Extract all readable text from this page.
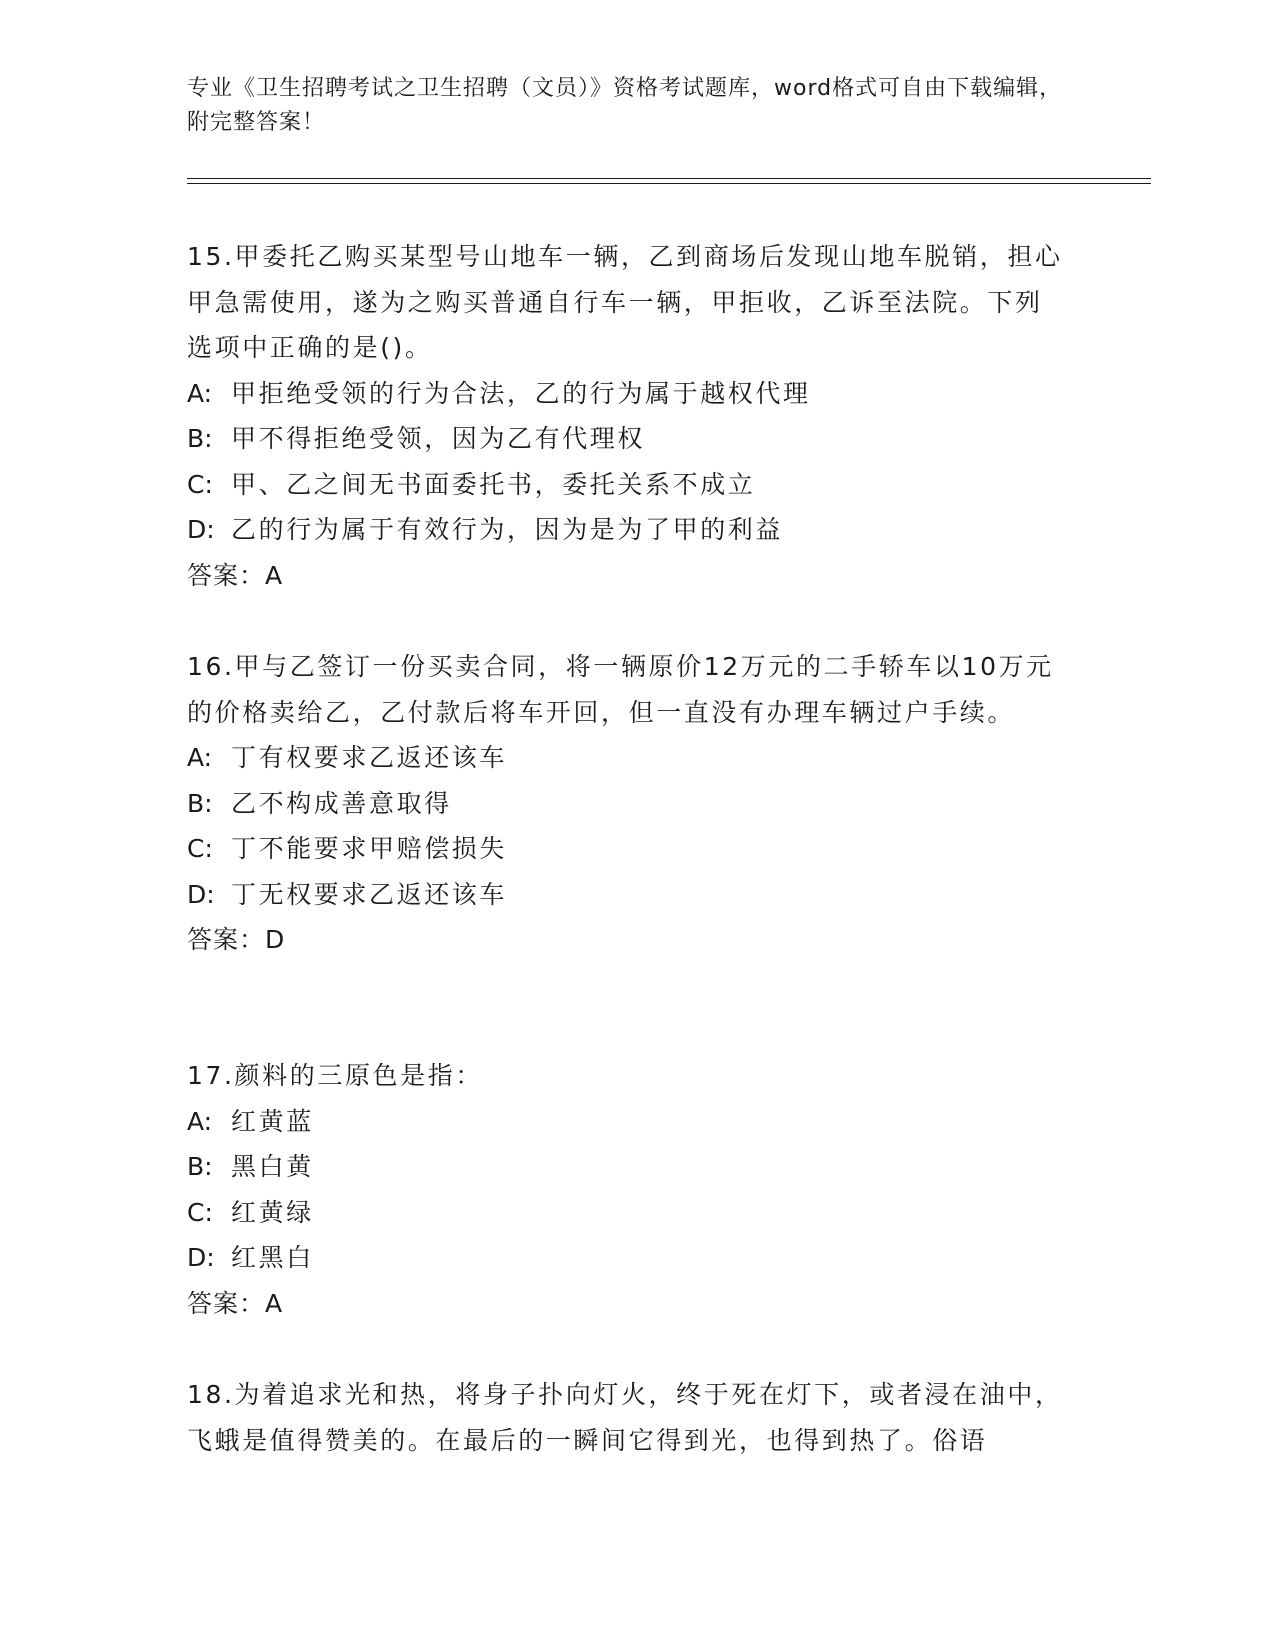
专业《卫生招聘考试之卫生招聘（文员）》资格考试题库，word格式可自由下载编辑，附完整答案！

15.甲委托乙购买某型号山地车一辆，乙到商场后发现山地车脱销，担心甲急需使用，遂为之购买普通自行车一辆，甲拒收，乙诉至法院。下列选项中正确的是()。

A: 甲拒绝受领的行为合法，乙的行为属于越权代理

B: 甲不得拒绝受领，因为乙有代理权

C: 甲、乙之间无书面委托书，委托关系不成立

D: 乙的行为属于有效行为，因为是为了甲的利益

答案：A

16.甲与乙签订一份买卖合同，将一辆原价12万元的二手轿车以10万元的价格卖给乙，乙付款后将车开回，但一直没有办理车辆过户手续。

A: 丁有权要求乙返还该车

B: 乙不构成善意取得

C: 丁不能要求甲赔偿损失

D: 丁无权要求乙返还该车

答案：D

17.颜料的三原色是指：

A: 红黄蓝

B: 黑白黄

C: 红黄绿

D: 红黑白

答案：A

18.为着追求光和热，将身子扑向灯火，终于死在灯下，或者浸在油中，飞蛾是值得赞美的。在最后的一瞬间它得到光，也得到热了。俗语
